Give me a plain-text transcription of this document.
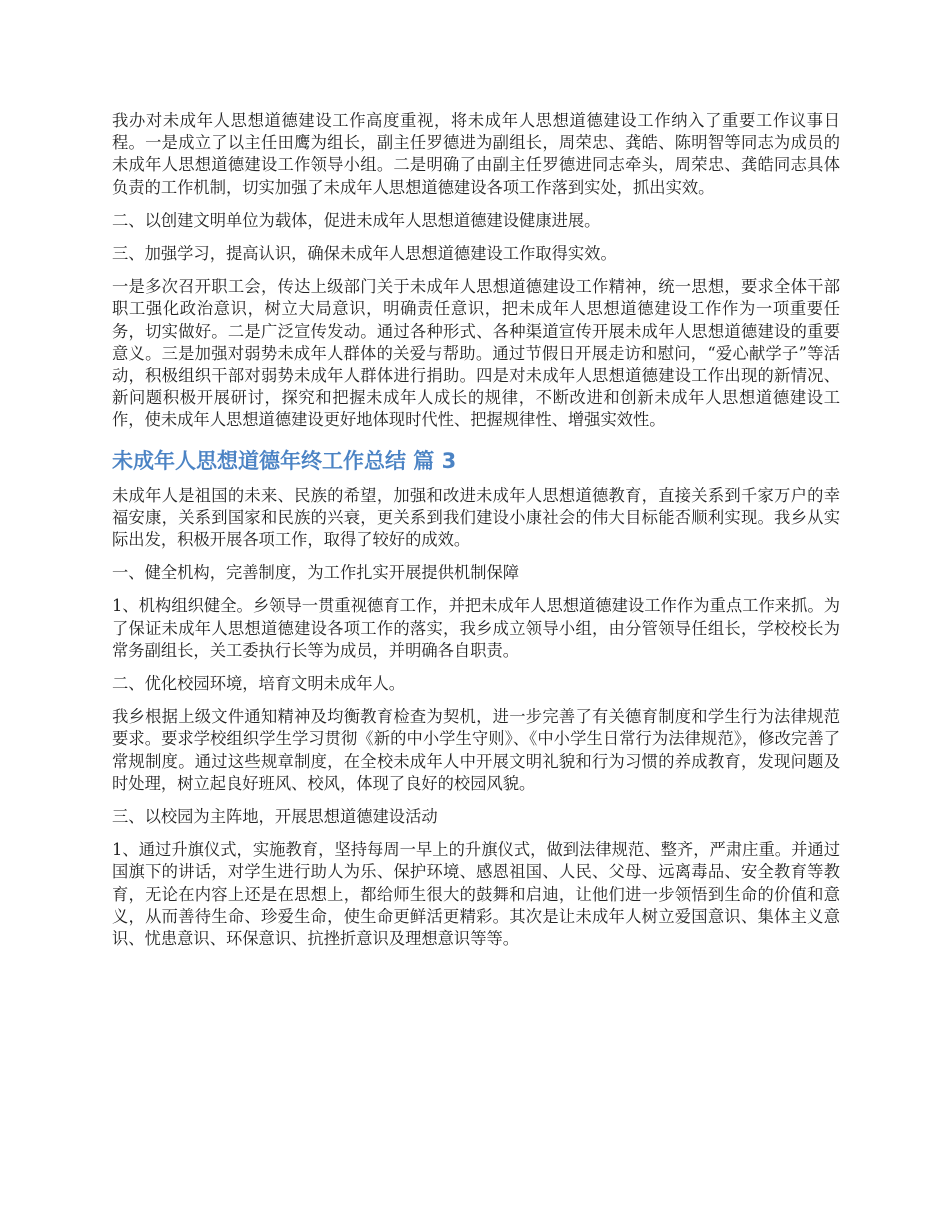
我办对未成年人思想道德建设工作高度重视，将未成年人思想道德建设工作纳入了重要工作议事日程。一是成立了以主任田鹰为组长，副主任罗德进为副组长，周荣忠、龚皓、陈明智等同志为成员的未成年人思想道德建设工作领导小组。二是明确了由副主任罗德进同志牵头，周荣忠、龚皓同志具体负责的工作机制，切实加强了未成年人思想道德建设各项工作落到实处，抓出实效。

二、以创建文明单位为载体，促进未成年人思想道德建设健康进展。

三、加强学习，提高认识，确保未成年人思想道德建设工作取得实效。

一是多次召开职工会，传达上级部门关于未成年人思想道德建设工作精神，统一思想，要求全体干部职工强化政治意识，树立大局意识，明确责任意识，把未成年人思想道德建设工作作为一项重要任务，切实做好。二是广泛宣传发动。通过各种形式、各种渠道宣传开展未成年人思想道德建设的重要意义。三是加强对弱势未成年人群体的关爱与帮助。通过节假日开展走访和慰问，“爱心献学子”等活动，积极组织干部对弱势未成年人群体进行捐助。四是对未成年人思想道德建设工作出现的新情况、新问题积极开展研讨，探究和把握未成年人成长的规律，不断改进和创新未成年人思想道德建设工作，使未成年人思想道德建设更好地体现时代性、把握规律性、增强实效性。

未成年人思想道德年终工作总结 篇 3

未成年人是祖国的未来、民族的希望，加强和改进未成年人思想道德教育，直接关系到千家万户的幸福安康，关系到国家和民族的兴衰，更关系到我们建设小康社会的伟大目标能否顺利实现。我乡从实际出发，积极开展各项工作，取得了较好的成效。

一、健全机构，完善制度，为工作扎实开展提供机制保障

1、机构组织健全。乡领导一贯重视德育工作，并把未成年人思想道德建设工作作为重点工作来抓。为了保证未成年人思想道德建设各项工作的落实，我乡成立领导小组，由分管领导任组长，学校校长为常务副组长，关工委执行长等为成员，并明确各自职责。

二、优化校园环境，培育文明未成年人。

我乡根据上级文件通知精神及均衡教育检查为契机，进一步完善了有关德育制度和学生行为法律规范要求。要求学校组织学生学习贯彻《新的中小学生守则》、《中小学生日常行为法律规范》，修改完善了常规制度。通过这些规章制度，在全校未成年人中开展文明礼貌和行为习惯的养成教育，发现问题及时处理，树立起良好班风、校风，体现了良好的校园风貌。

三、以校园为主阵地，开展思想道德建设活动

1、通过升旗仪式，实施教育，坚持每周一早上的升旗仪式，做到法律规范、整齐，严肃庄重。并通过国旗下的讲话，对学生进行助人为乐、保护环境、感恩祖国、人民、父母、远离毒品、安全教育等教育，无论在内容上还是在思想上，都给师生很大的鼓舞和启迪，让他们进一步领悟到生命的价值和意义，从而善待生命、珍爱生命，使生命更鲜活更精彩。其次是让未成年人树立爱国意识、集体主义意识、忧患意识、环保意识、抗挫折意识及理想意识等等。
